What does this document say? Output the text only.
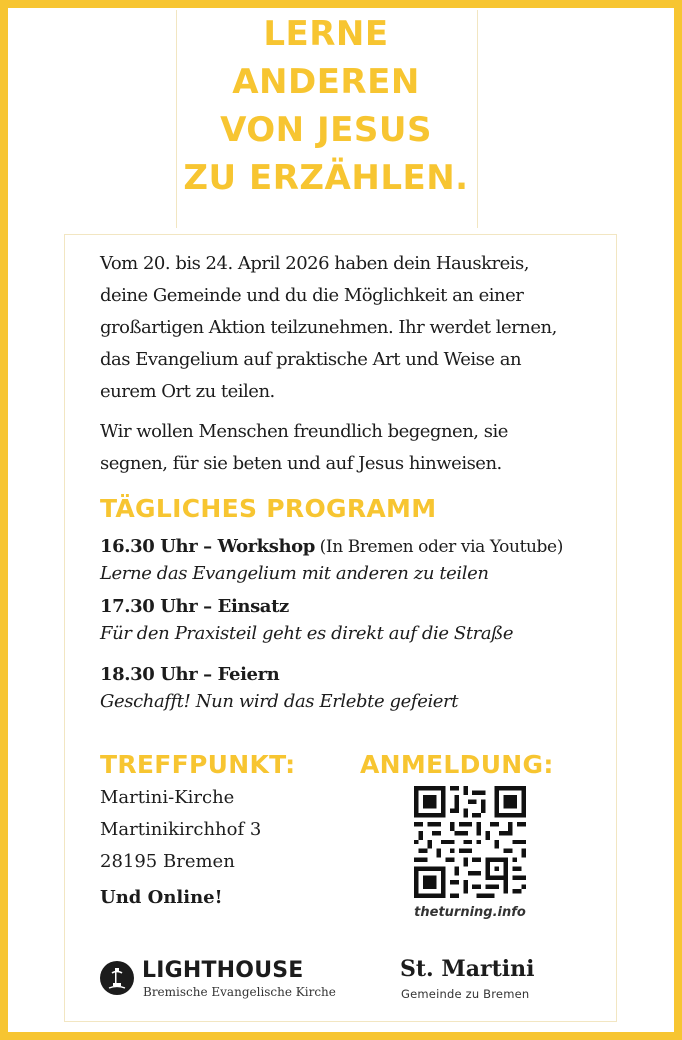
LERNE
ANDEREN
VON JESUS
ZU ERZÄHLEN.

Vom 20. bis 24. April 2026 haben dein Hauskreis,
deine Gemeinde und du die Möglichkeit an einer
großartigen Aktion teilzunehmen. Ihr werdet lernen,
das Evangelium auf praktische Art und Weise an
eurem Ort zu teilen.

Wir wollen Menschen freundlich begegnen, sie
segnen, für sie beten und auf Jesus hinweisen.

TÄGLICHES PROGRAMM
16.30 Uhr – Workshop (In Bremen oder via Youtube)
Lerne das Evangelium mit anderen zu teilen
17.30 Uhr – Einsatz
Für den Praxisteil geht es direkt auf die Straße
18.30 Uhr – Feiern
Geschafft! Nun wird das Erlebte gefeiert
TREFFPUNKT:	ANMELDUNG:
Martini-Kirche
Martinikirchhof 3
28195 Bremen
Und Online!
theturning.info
LIGHTHOUSE
Bremische Evangelische Kirche
St. Martini
Gemeinde zu Bremen
